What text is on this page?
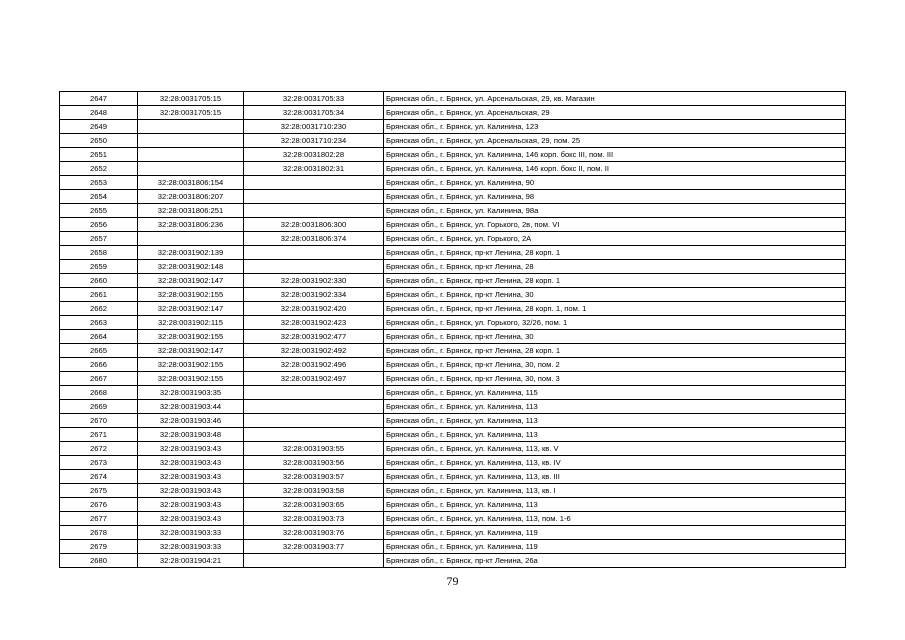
2647	32:28:0031705:15	32:28:0031705:33	Брянская обл., г. Брянск, ул. Арсенальская, 29, кв. Магазин
2648	32:28:0031705:15	32:28:0031705:34	Брянская обл., г. Брянск, ул. Арсенальская, 29
2649		32:28:0031710:230	Брянская обл., г. Брянск, ул. Калинина, 123
2650		32:28:0031710:234	Брянская обл., г. Брянск, ул. Арсенальская, 29, пом. 25
2651		32:28:0031802:28	Брянская обл., г. Брянск, ул. Калинина, 146 корп. бокс III, пом. III
2652		32:28:0031802:31	Брянская обл., г. Брянск, ул. Калинина, 146 корп. бокс II, пом. II
2653	32:28:0031806:154		Брянская обл., г. Брянск, ул. Калинина, 90
2654	32:28:0031806:207		Брянская обл., г. Брянск, ул. Калинина, 98
2655	32:28:0031806:251		Брянская обл., г. Брянск, ул. Калинина, 98а
2656	32:28:0031806:236	32:28:0031806:300	Брянская обл., г. Брянск, ул. Горького, 2в, пом. VI
2657		32:28:0031806:374	Брянская обл., г. Брянск, ул. Горького, 2А
2658	32:28:0031902:139		Брянская обл., г. Брянск, пр-кт Ленина, 28 корп. 1
2659	32:28:0031902:148		Брянская обл., г. Брянск, пр-кт Ленина, 28
2660	32:28:0031902:147	32:28:0031902:330	Брянская обл., г. Брянск, пр-кт Ленина, 28 корп. 1
2661	32:28:0031902:155	32:28:0031902:334	Брянская обл., г. Брянск, пр-кт Ленина, 30
2662	32:28:0031902:147	32:28:0031902:420	Брянская обл., г. Брянск, пр-кт Ленина, 28 корп. 1, пом. 1
2663	32:28:0031902:115	32:28:0031902:423	Брянская обл., г. Брянск, ул. Горького, 32/26, пом. 1
2664	32:28:0031902:155	32:28:0031902:477	Брянская обл., г. Брянск, пр-кт Ленина, 30
2665	32:28:0031902:147	32:28:0031902:492	Брянская обл., г. Брянск, пр-кт Ленина, 28 корп. 1
2666	32:28:0031902:155	32:28:0031902:496	Брянская обл., г. Брянск, пр-кт Ленина, 30, пом. 2
2667	32:28:0031902:155	32:28:0031902:497	Брянская обл., г. Брянск, пр-кт Ленина, 30, пом. 3
2668	32:28:0031903:35		Брянская обл., г. Брянск, ул. Калинина, 115
2669	32:28:0031903:44		Брянская обл., г. Брянск, ул. Калинина, 113
2670	32:28:0031903:46		Брянская обл., г. Брянск, ул. Калинина, 113
2671	32:28:0031903:48		Брянская обл., г. Брянск, ул. Калинина, 113
2672	32:28:0031903:43	32:28:0031903:55	Брянская обл., г. Брянск, ул. Калинина, 113, кв. V
2673	32:28:0031903:43	32:28:0031903:56	Брянская обл., г. Брянск, ул. Калинина, 113, кв. IV
2674	32:28:0031903:43	32:28:0031903:57	Брянская обл., г. Брянск, ул. Калинина, 113, кв. III
2675	32:28:0031903:43	32:28:0031903:58	Брянская обл., г. Брянск, ул. Калинина, 113, кв. I
2676	32:28:0031903:43	32:28:0031903:65	Брянская обл., г. Брянск, ул. Калинина, 113
2677	32:28:0031903:43	32:28:0031903:73	Брянская обл., г. Брянск, ул. Калинина, 113, пом. 1-6
2678	32:28:0031903:33	32:28:0031903:76	Брянская обл., г. Брянск, ул. Калинина, 119
2679	32:28:0031903:33	32:28:0031903:77	Брянская обл., г. Брянск, ул. Калинина, 119
2680	32:28:0031904:21		Брянская обл., г. Брянск, пр-кт Ленина, 26а
79
